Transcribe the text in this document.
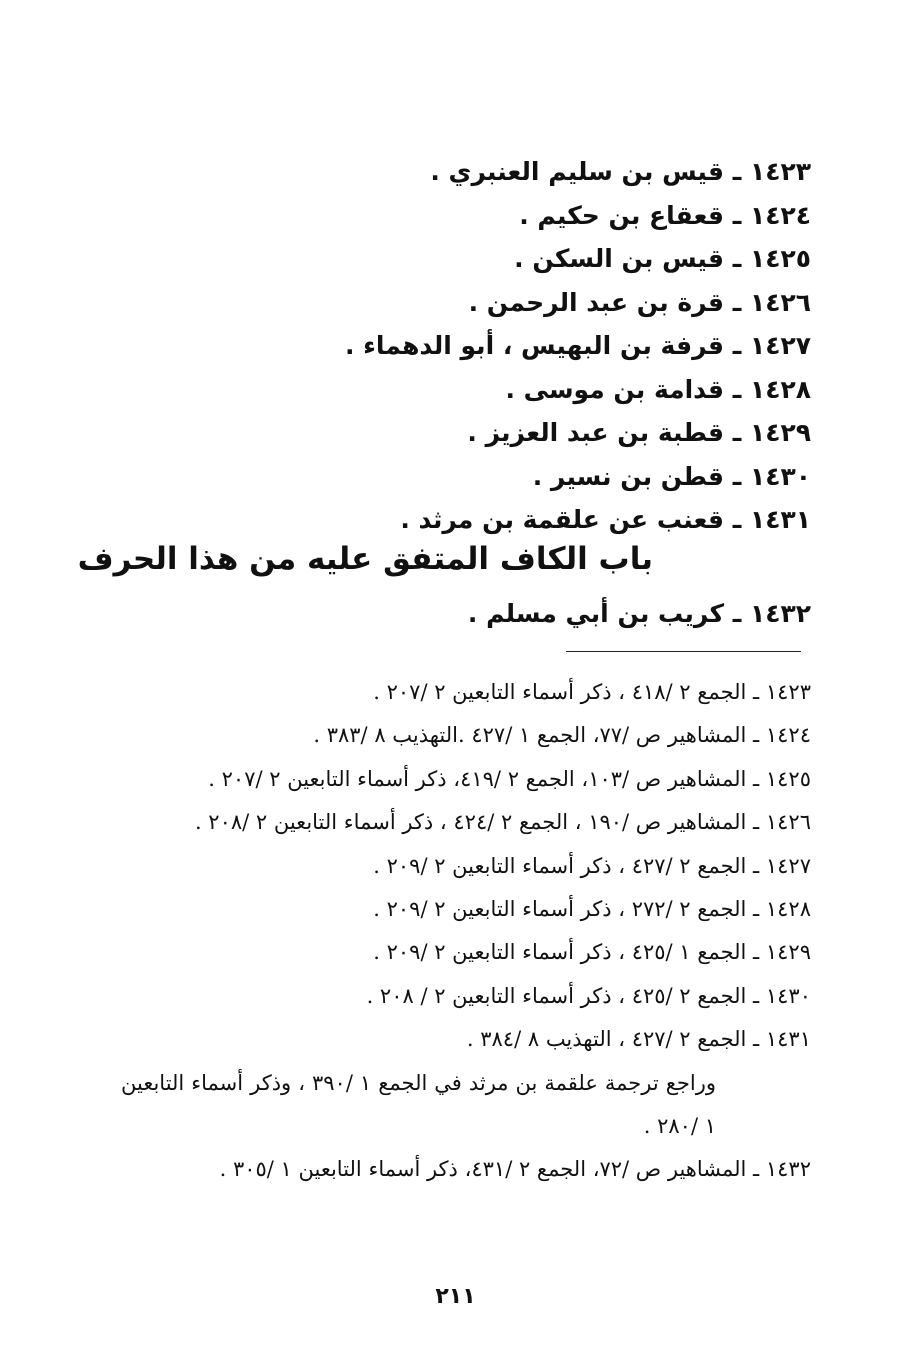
١٤٢٣ ـ قيس بن سليم العنبري .
١٤٢٤ ـ قعقاع بن حكيم .
١٤٢٥ ـ قيس بن السكن .
١٤٢٦ ـ قرة بن عبد الرحمن .
١٤٢٧ ـ قرفة بن البهيس ، أبو الدهماء .
١٤٢٨ ـ قدامة بن موسى .
١٤٢٩ ـ قطبة بن عبد العزيز .
١٤٣٠ ـ قطن بن نسير .
١٤٣١ ـ قعنب عن علقمة بن مرثد .
باب الكاف المتفق عليه من هذا الحرف
١٤٣٢ ـ كريب بن أبي مسلم .
١٤٢٣ ـ الجمع ٢ /٤١٨ ، ذكر أسماء التابعين ٢ /٢٠٧ .
١٤٢٤ ـ المشاهير ص /٧٧، الجمع ١ /٤٢٧ .التهذيب ٨ /٣٨٣ .
١٤٢٥ ـ المشاهير ص /١٠٣، الجمع ٢ /٤١٩، ذكر أسماء التابعين ٢ /٢٠٧ .
١٤٢٦ ـ المشاهير ص /١٩٠ ، الجمع ٢ /٤٢٤ ، ذكر أسماء التابعين ٢ /٢٠٨ .
١٤٢٧ ـ الجمع ٢ /٤٢٧ ، ذكر أسماء التابعين ٢ /٢٠٩ .
١٤٢٨ ـ الجمع ٢ /٢٧٢ ، ذكر أسماء التابعين ٢ /٢٠٩ .
١٤٢٩ ـ الجمع ١ /٤٢٥ ، ذكر أسماء التابعين ٢ /٢٠٩ .
١٤٣٠ ـ الجمع ٢ /٤٢٥ ، ذكر أسماء التابعين ٢ / ٢٠٨ .
١٤٣١ ـ الجمع ٢ /٤٢٧ ، التهذيب ٨ /٣٨٤ .
وراجع ترجمة علقمة بن مرثد في الجمع ١ /٣٩٠ ، وذكر أسماء التابعين ١ /٢٨٠ .
١٤٣٢ ـ المشاهير ص /٧٢، الجمع ٢ /٤٣١، ذكر أسماء التابعين ١ /٣٠٥ .
٢١١
